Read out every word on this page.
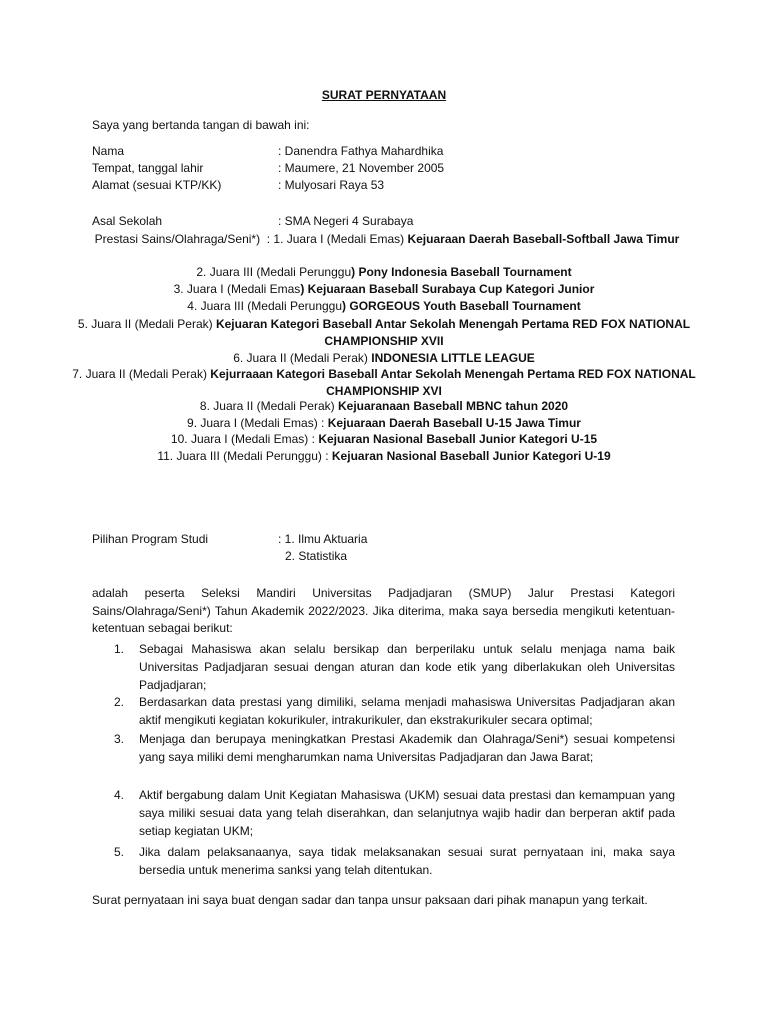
SURAT PERNYATAAN
Saya yang bertanda tangan di bawah ini:
Nama	: Danendra Fathya Mahardhika
Tempat, tanggal lahir	: Maumere, 21 November 2005
Alamat (sesuai KTP/KK)	: Mulyosari Raya 53
Asal Sekolah	: SMA Negeri 4 Surabaya
Prestasi Sains/Olahraga/Seni*) : 1. Juara I (Medali Emas) Kejuaraan Daerah Baseball-Softball Jawa Timur
2. Juara III (Medali Perunggu) Pony Indonesia Baseball Tournament
3. Juara I (Medali Emas) Kejuaraan Baseball Surabaya Cup Kategori Junior
4. Juara III (Medali Perunggu) GORGEOUS Youth Baseball Tournament
5. Juara II (Medali Perak) Kejuaran Kategori Baseball Antar Sekolah Menengah Pertama RED FOX NATIONAL CHAMPIONSHIP XVII
6. Juara II (Medali Perak) INDONESIA LITTLE LEAGUE
7. Juara II (Medali Perak) Kejurraaan Kategori Baseball Antar Sekolah Menengah Pertama RED FOX NATIONAL CHAMPIONSHIP XVI
8. Juara II (Medali Perak) Kejuaranaan Baseball MBNC tahun 2020
9. Juara I (Medali Emas) : Kejuaraan Daerah Baseball U-15 Jawa Timur
10. Juara I (Medali Emas) : Kejuaran Nasional Baseball Junior Kategori U-15
11. Juara III (Medali Perunggu) : Kejuaran Nasional Baseball Junior Kategori U-19
Pilihan Program Studi	: 1. Ilmu Aktuaria
2. Statistika
adalah peserta Seleksi Mandiri Universitas Padjadjaran (SMUP) Jalur Prestasi Kategori Sains/Olahraga/Seni*) Tahun Akademik 2022/2023. Jika diterima, maka saya bersedia mengikuti ketentuan-ketentuan sebagai berikut:
1. Sebagai Mahasiswa akan selalu bersikap dan berperilaku untuk selalu menjaga nama baik Universitas Padjadjaran sesuai dengan aturan dan kode etik yang diberlakukan oleh Universitas Padjadjaran;
2. Berdasarkan data prestasi yang dimiliki, selama menjadi mahasiswa Universitas Padjadjaran akan aktif mengikuti kegiatan kokurikuler, intrakurikuler, dan ekstrakurikuler secara optimal;
3. Menjaga dan berupaya meningkatkan Prestasi Akademik dan Olahraga/Seni*) sesuai kompetensi yang saya miliki demi mengharumkan nama Universitas Padjadjaran dan Jawa Barat;
4. Aktif bergabung dalam Unit Kegiatan Mahasiswa (UKM) sesuai data prestasi dan kemampuan yang saya miliki sesuai data yang telah diserahkan, dan selanjutnya wajib hadir dan berperan aktif pada setiap kegiatan UKM;
5. Jika dalam pelaksanaanya, saya tidak melaksanakan sesuai surat pernyataan ini, maka saya bersedia untuk menerima sanksi yang telah ditentukan.
Surat pernyataan ini saya buat dengan sadar dan tanpa unsur paksaan dari pihak manapun yang terkait.
